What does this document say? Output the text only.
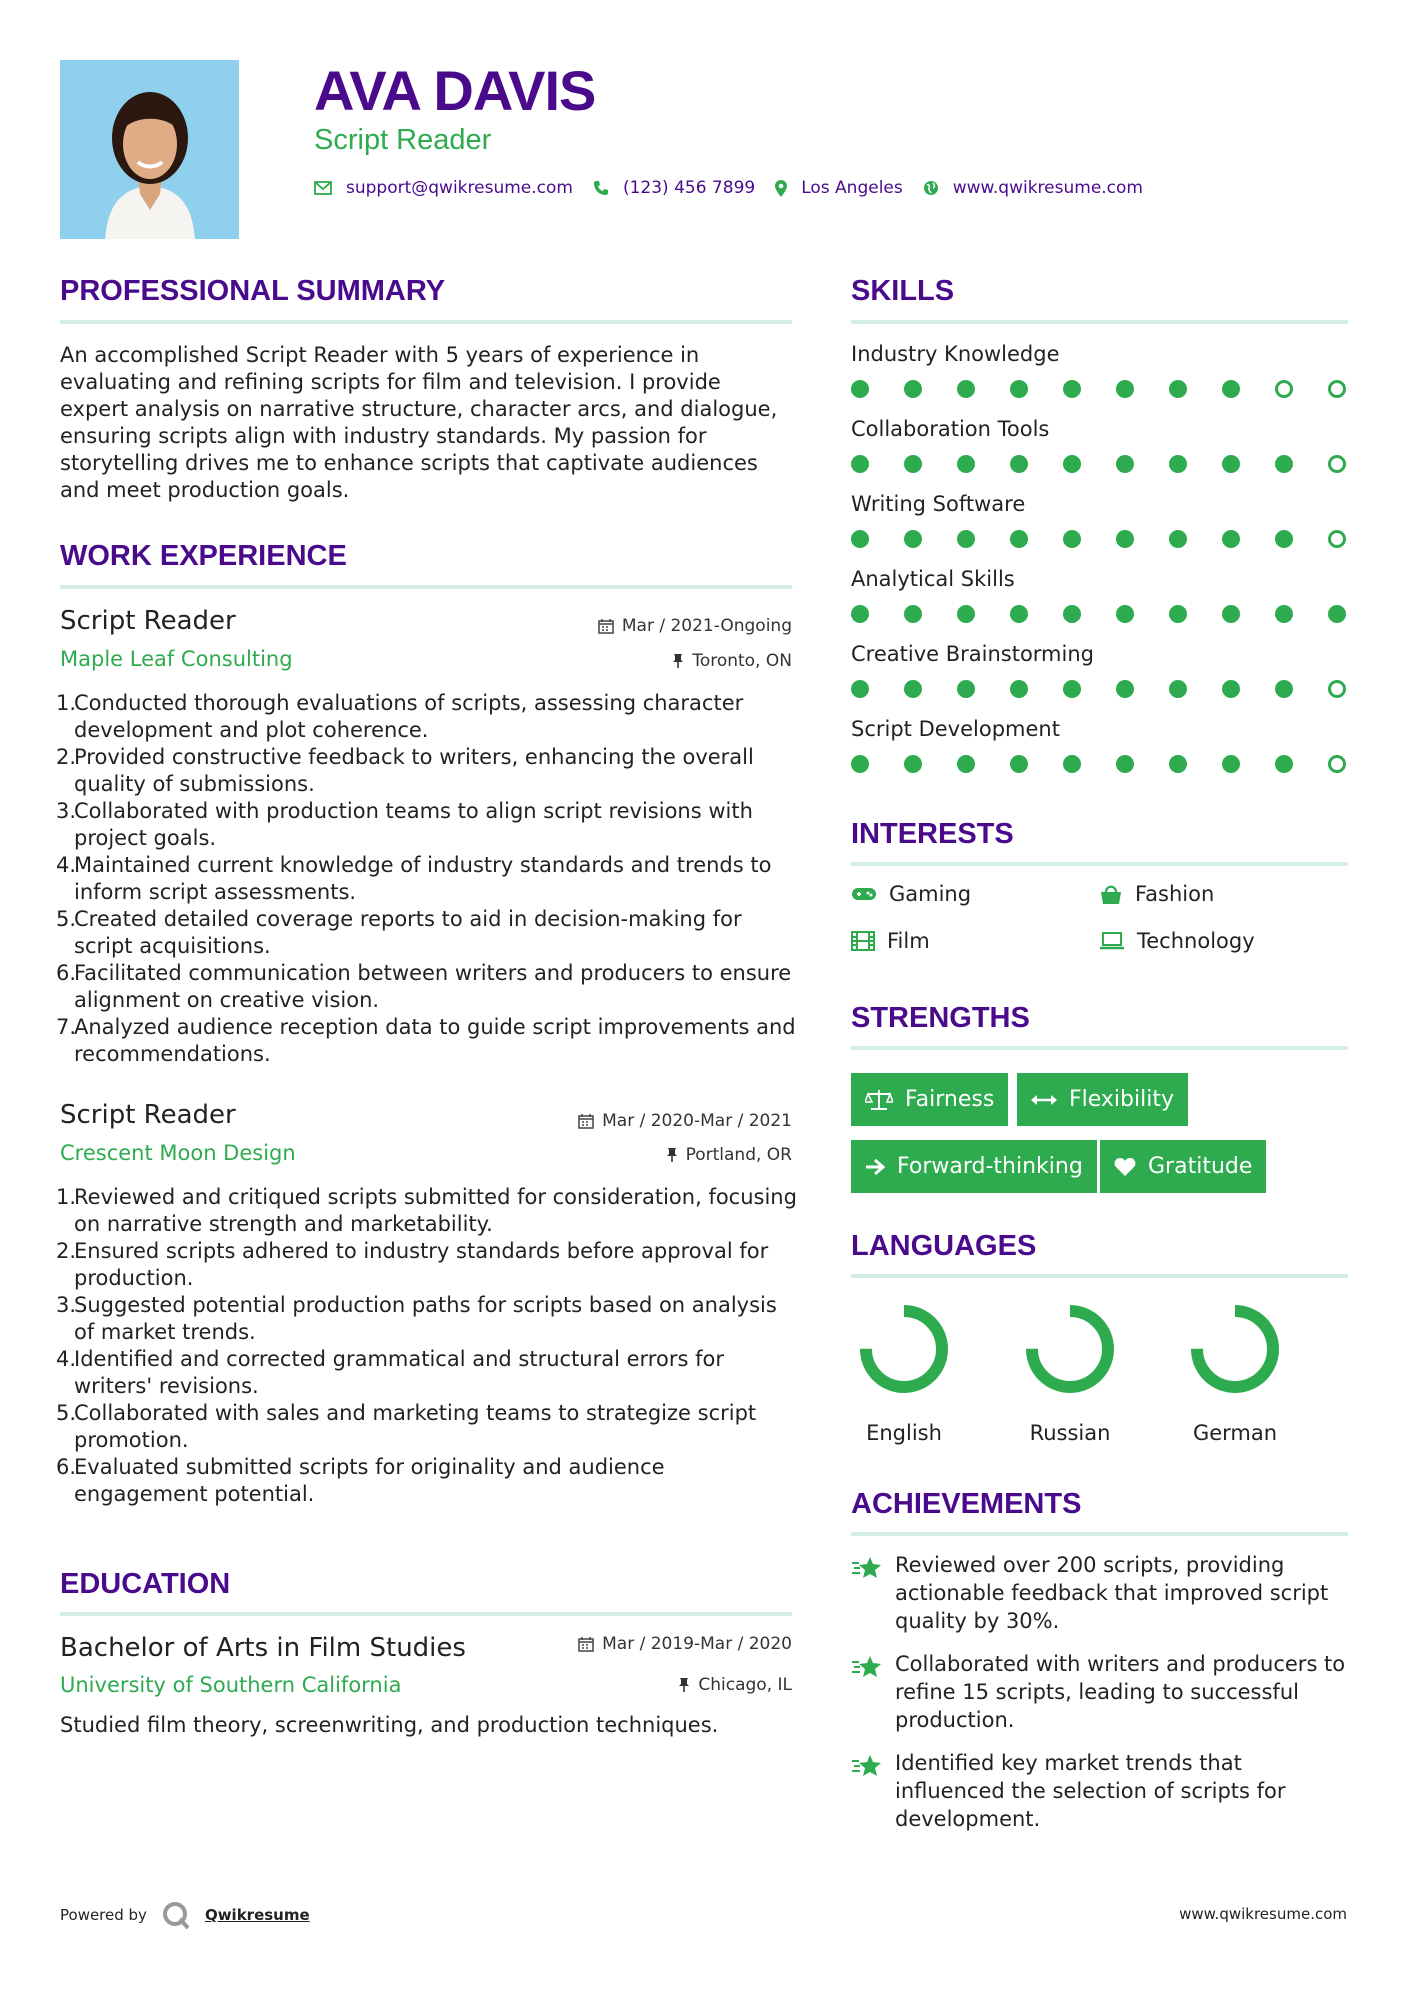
AVA DAVIS
Script Reader
support@qwikresume.com	(123) 456 7899	Los Angeles	www.qwikresume.com
PROFESSIONAL SUMMARY
An accomplished Script Reader with 5 years of experience in evaluating and refining scripts for film and television. I provide expert analysis on narrative structure, character arcs, and dialogue, ensuring scripts align with industry standards. My passion for storytelling drives me to enhance scripts that captivate audiences and meet production goals.
WORK EXPERIENCE
Script Reader	Mar / 2021-Ongoing
Maple Leaf Consulting	Toronto, ON
1.
Conducted thorough evaluations of scripts, assessing character development and plot coherence.
2.
Provided constructive feedback to writers, enhancing the overall quality of submissions.
3.
Collaborated with production teams to align script revisions with project goals.
4.
Maintained current knowledge of industry standards and trends to inform script assessments.
5.
Created detailed coverage reports to aid in decision-making for script acquisitions.
6.
Facilitated communication between writers and producers to ensure alignment on creative vision.
7.
Analyzed audience reception data to guide script improvements and recommendations.
Script Reader	Mar / 2020-Mar / 2021
Crescent Moon Design	Portland, OR
1.
Reviewed and critiqued scripts submitted for consideration, focusing on narrative strength and marketability.
2.
Ensured scripts adhered to industry standards before approval for production.
3.
Suggested potential production paths for scripts based on analysis of market trends.
4.
Identified and corrected grammatical and structural errors for writers' revisions.
5.
Collaborated with sales and marketing teams to strategize script promotion.
6.
Evaluated submitted scripts for originality and audience engagement potential.
EDUCATION
Bachelor of Arts in Film Studies	Mar / 2019-Mar / 2020
University of Southern California	Chicago, IL
Studied film theory, screenwriting, and production techniques.
SKILLS
Industry Knowledge
Collaboration Tools
Writing Software
Analytical Skills
Creative Brainstorming
Script Development
INTERESTS
Gaming	Fashion
Film	Technology
STRENGTHS
Fairness	Flexibility
Forward-thinking	Gratitude
LANGUAGES
English	Russian	German
ACHIEVEMENTS
Reviewed over 200 scripts, providing actionable feedback that improved script quality by 30%.
Collaborated with writers and producers to refine 15 scripts, leading to successful production.
Identified key market trends that influenced the selection of scripts for development.
Powered by	Qwikresume	www.qwikresume.com
